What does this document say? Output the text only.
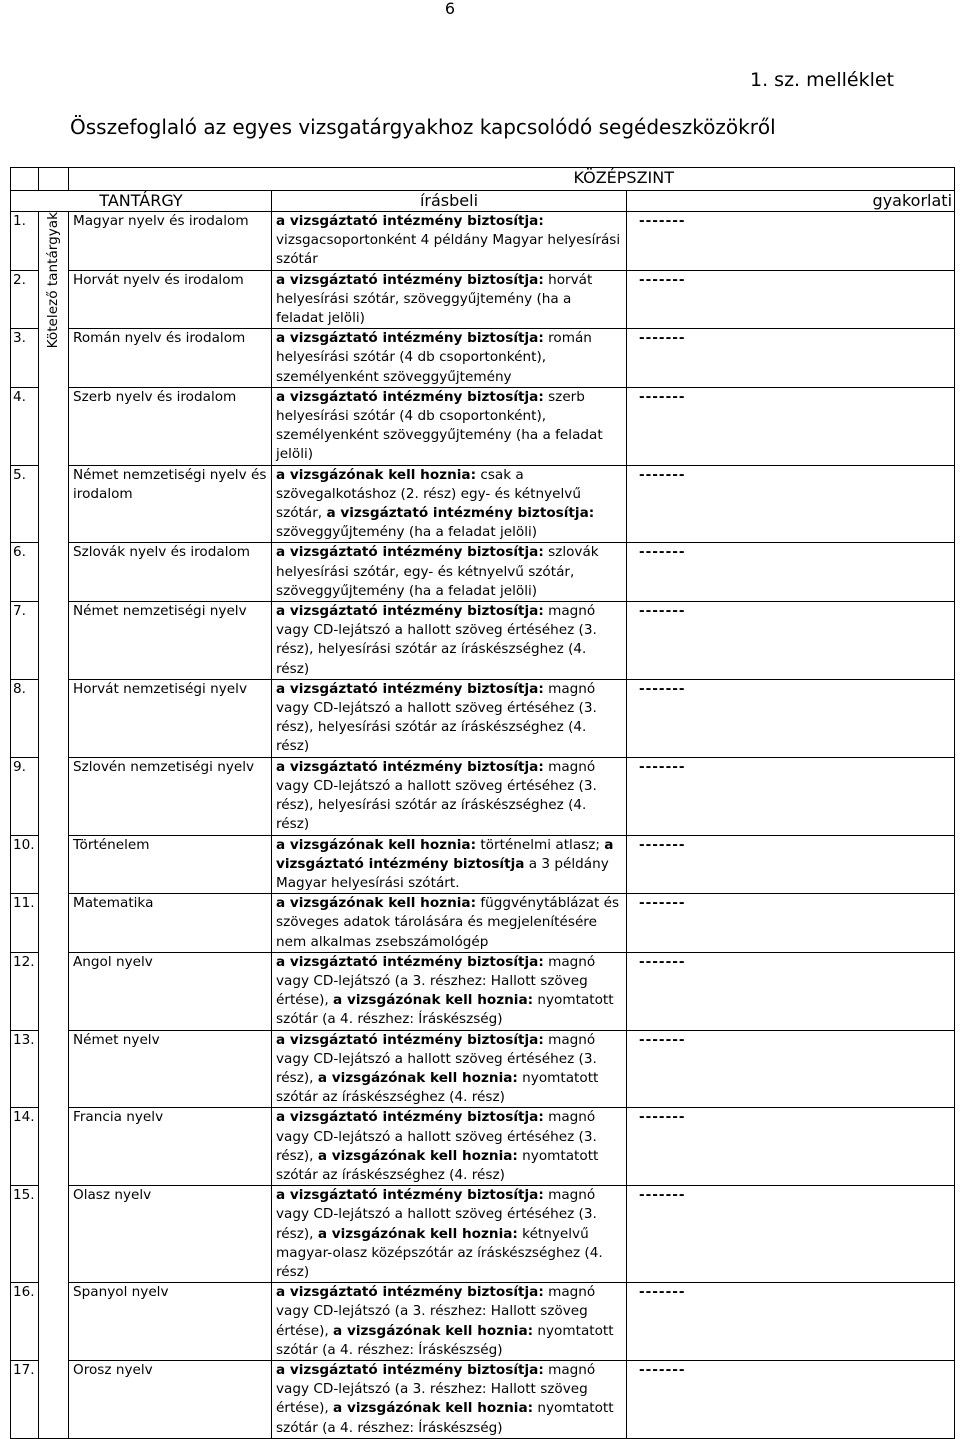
6
1. sz. melléklet
Összefoglaló az egyes vizsgatárgyakhoz kapcsolódó segédeszközökről
		KÖZÉPSZINT		
TANTÁRGY			írásbeli	gyakorlati
1.	Kötelező tantárgyak	Magyar nyelv és irodalom	a vizsgáztató intézmény biztosítja: vizsgacsoportonként 4 példány Magyar helyesírási szótár	-------
2.		Horvát nyelv és irodalom	a vizsgáztató intézmény biztosítja: horvát helyesírási szótár, szöveggyűjtemény (ha a feladat jelöli)	-------
3.		Román nyelv és irodalom	a vizsgáztató intézmény biztosítja: román helyesírási szótár (4 db csoportonként), személyenként szöveggyűjtemény	-------
4.		Szerb nyelv és irodalom	a vizsgáztató intézmény biztosítja: szerb helyesírási szótár (4 db csoportonként), személyenként szöveggyűjtemény (ha a feladat jelöli)	-------
5.		Német nemzetiségi nyelv és irodalom	a vizsgázónak kell hoznia: csak a szövegalkotáshoz (2. rész) egy- és kétnyelvű szótár, a vizsgáztató intézmény biztosítja: szöveggyűjtemény (ha a feladat jelöli)	-------
6.		Szlovák nyelv és irodalom	a vizsgáztató intézmény biztosítja: szlovák helyesírási szótár, egy- és kétnyelvű szótár, szöveggyűjtemény (ha a feladat jelöli)	-------
7.		Német nemzetiségi nyelv	a vizsgáztató intézmény biztosítja: magnó vagy CD-lejátszó a hallott szöveg értéséhez (3. rész), helyesírási szótár az íráskészséghez (4. rész)	-------
8.		Horvát nemzetiségi nyelv	a vizsgáztató intézmény biztosítja: magnó vagy CD-lejátszó a hallott szöveg értéséhez (3. rész), helyesírási szótár az íráskészséghez (4. rész)	-------
9.		Szlovén nemzetiségi nyelv	a vizsgáztató intézmény biztosítja: magnó vagy CD-lejátszó a hallott szöveg értéséhez (3. rész), helyesírási szótár az íráskészséghez (4. rész)	-------
10.		Történelem	a vizsgázónak kell hoznia: történelmi atlasz; a vizsgáztató intézmény biztosítja a 3 példány Magyar helyesírási szótárt.	-------
11.		Matematika	a vizsgázónak kell hoznia: függvénytáblázat és szöveges adatok tárolására és megjelenítésére nem alkalmas zsebszámológép	-------
12.		Angol nyelv	a vizsgáztató intézmény biztosítja: magnó vagy CD-lejátszó (a 3. részhez: Hallott szöveg értése), a vizsgázónak kell hoznia: nyomtatott szótár (a 4. részhez: Íráskészség)	-------
13.		Német nyelv	a vizsgáztató intézmény biztosítja: magnó vagy CD-lejátszó a hallott szöveg értéséhez (3. rész), a vizsgázónak kell hoznia: nyomtatott szótár az íráskészséghez (4. rész)	-------
14.		Francia nyelv	a vizsgáztató intézmény biztosítja: magnó vagy CD-lejátszó a hallott szöveg értéséhez (3. rész), a vizsgázónak kell hoznia: nyomtatott szótár az íráskészséghez (4. rész)	-------
15.		Olasz nyelv	a vizsgáztató intézmény biztosítja: magnó vagy CD-lejátszó a hallott szöveg értéséhez (3. rész), a vizsgázónak kell hoznia: kétnyelvű magyar-olasz középszótár az íráskészséghez (4. rész)	-------
16.		Spanyol nyelv	a vizsgáztató intézmény biztosítja: magnó vagy CD-lejátszó (a 3. részhez: Hallott szöveg értése), a vizsgázónak kell hoznia: nyomtatott szótár (a 4. részhez: Íráskészség)	-------
17.		Orosz nyelv	a vizsgáztató intézmény biztosítja: magnó vagy CD-lejátszó (a 3. részhez: Hallott szöveg értése), a vizsgázónak kell hoznia: nyomtatott szótár (a 4. részhez: Íráskészség)	-------
